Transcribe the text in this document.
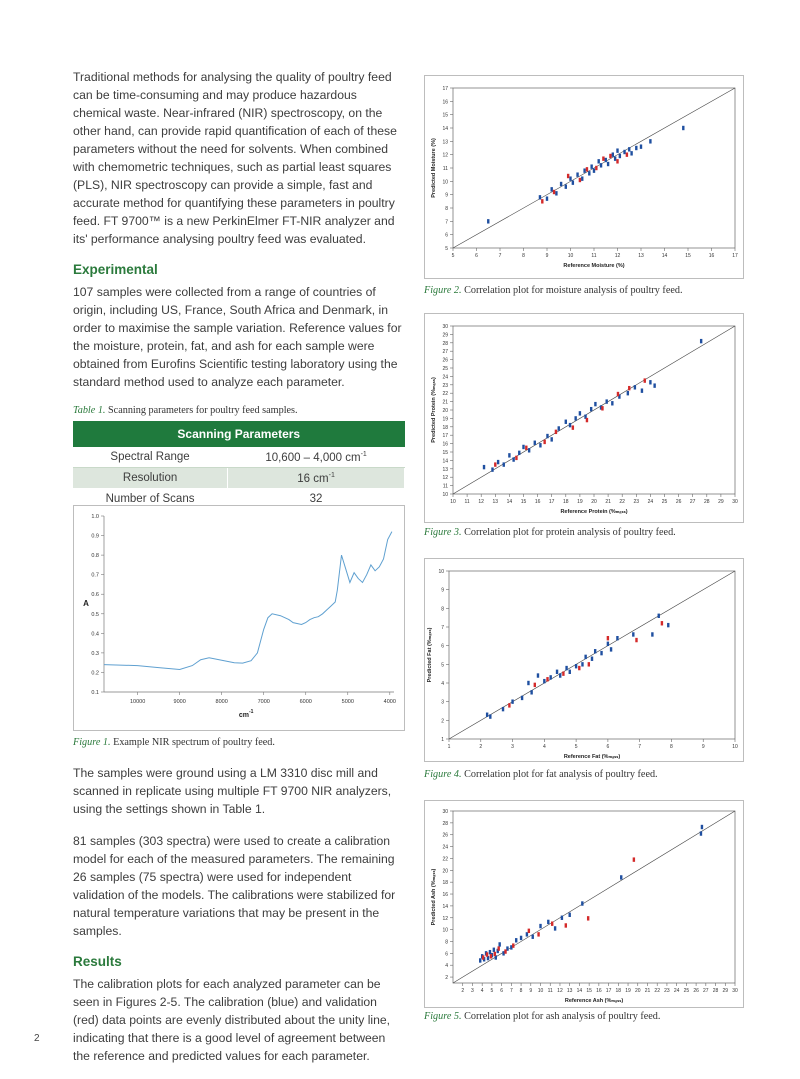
Traditional methods for analysing the quality of poultry feed can be time-consuming and may produce hazardous chemical waste. Near-infrared (NIR) spectroscopy, on the other hand, can provide rapid quantification of each of these parameters without the need for solvents. When combined with chemometric techniques, such as partial least squares (PLS), NIR spectroscopy can provide a simple, fast and accurate method for quantifying these parameters in poultry feed. FT 9700™ is a new PerkinElmer FT-NIR analyzer and its' performance analysing poultry feed was evaluated.

Experimental

107 samples were collected from a range of countries of origin, including US, France, South Africa and Denmark, in order to maximise the sample variation. Reference values for the moisture, protein, fat, and ash for each sample were obtained from Eurofins Scientific testing laboratory using the standard method used to analyze each parameter.

Table 1. Scanning parameters for poultry feed samples.
Scanning Parameters	
Spectral Range	10,600 – 4,000 $cm^{-1}$
Resolution	16 $cm^{-1}$
Number of Scans	32
0.1
0.2
0.3
0.4
0.5
0.6
0.7
0.8
0.9
1.0
10000	9000	8000	7000	6000	5000	4000
cm -1
A
Figure 1. Example NIR spectrum of poultry feed.

The samples were ground using a LM 3310 disc mill and scanned in replicate using multiple FT 9700 NIR analyzers, using the settings shown in Table 1.

81 samples (303 spectra) were used to create a calibration model for each of the measured parameters. The remaining 26 samples (75 spectra) were used for independent validation of the models. The calibrations were stabilized for natural temperature variations that may be present in the samples.

Results

The calibration plots for each analyzed parameter can be seen in Figures 2-5. The calibration (blue) and validation (red) data points are evenly distributed about the unity line, indicating that there is a good level of agreement between the reference and predicted values for each parameter.

5	6	7	8	9	10	11	12	13	14	15	16	17
5
6
7
8
9
10
11
12
13
14
15
16
17
Reference Moisture (%)
Predicted Moisture (%)
Figure 2. Correlation plot for moisture analysis of poultry feed.
10 11 12 13 14 15 16 17 18 19 20 21 22 23 24 25 26 27 28 29 30
10
11
12
13
14
15
16
17
18
19
20
21
22
23
24
25
26
27
28
29
30
Reference Protein (%ₘₐₛₛ)
Predicted Protein (%ₘₐₛₛ)
Figure 3. Correlation plot for protein analysis of poultry feed.
1	2	3	4	5	6	7	8	9	10
1
2
3
4
5
6
7
8
9
10
Reference Fat (%ₘₐₛₛ)
Predicted Fat (%ₘₐₛₛ)
Figure 4. Correlation plot for fat analysis of poultry feed.
2 3 4 5 6 7 8 9 10 11 12 13 14 15 16 17 18 19 20 21 22 23 24 25 26 27 28 29 30
2
4
6
8
10
12
14
16
18
20
22
24
26
28
30
Reference Ash (%ₘₐₛₛ)
Predicted Ash (%ₘₐₛₛ)
Figure 5. Correlation plot for ash analysis of poultry feed.
2
